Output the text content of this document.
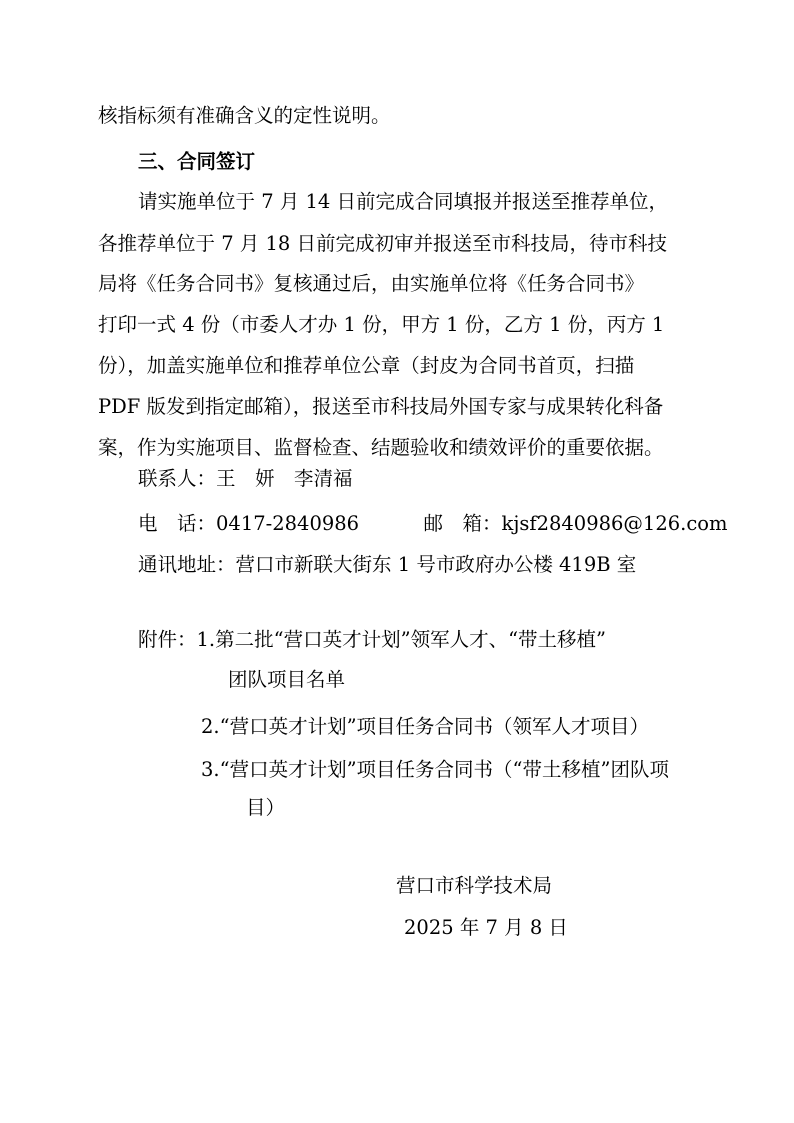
核指标须有准确含义的定性说明。
三、合同签订
请实施单位于 7 月 14 日前完成合同填报并报送至推荐单位，
各推荐单位于 7 月 18 日前完成初审并报送至市科技局，待市科技
局将《任务合同书》复核通过后，由实施单位将《任务合同书》
打印一式 4 份（市委人才办 1 份，甲方 1 份，乙方 1 份，丙方 1
份），加盖实施单位和推荐单位公章（封皮为合同书首页，扫描
PDF 版发到指定邮箱），报送至市科技局外国专家与成果转化科备
案，作为实施项目、监督检查、结题验收和绩效评价的重要依据。
联系人：王　妍　李清福
电　话：0417-2840986	邮　箱：kjsf2840986@126.com
通讯地址：营口市新联大街东 1 号市政府办公楼 419B 室
附件：1.第二批“营口英才计划”领军人才、“带土移植”
团队项目名单
2.“营口英才计划”项目任务合同书（领军人才项目）
3.“营口英才计划”项目任务合同书（“带土移植”团队项
目）
营口市科学技术局
2025 年 7 月 8 日
